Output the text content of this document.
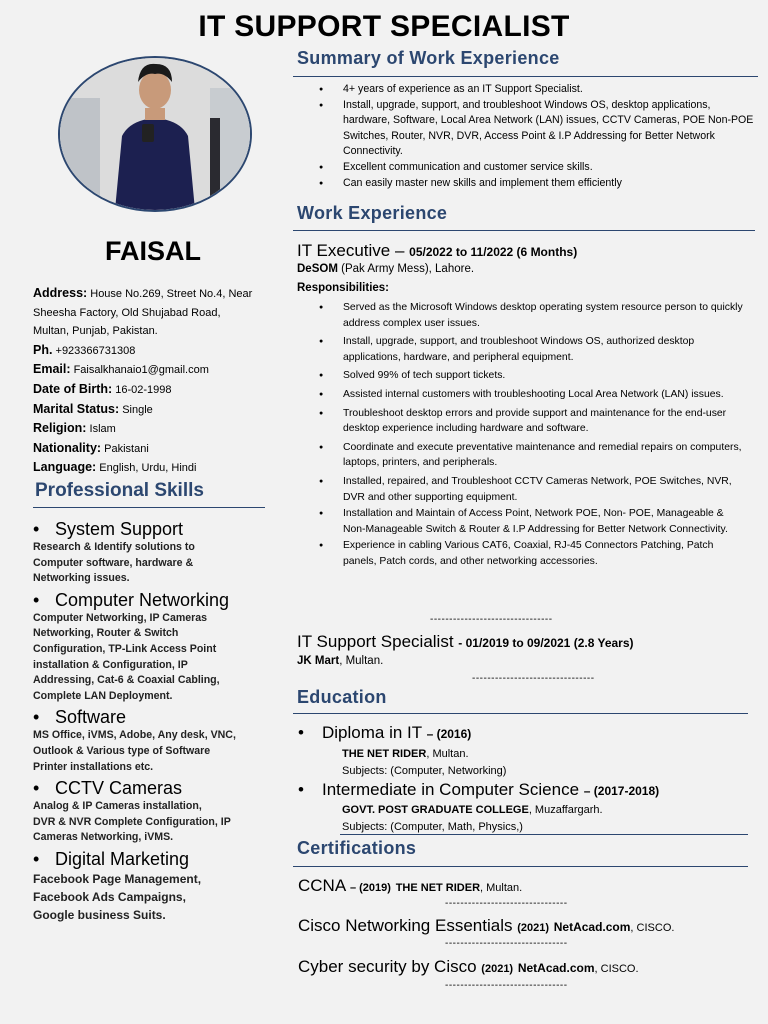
IT SUPPORT SPECIALIST
FAISAL
Address: House No.269, Street No.4, Near
Sheesha Factory, Old Shujabad Road,
Multan, Punjab, Pakistan.
Ph. +923366731308
Email: Faisalkhanaio1@gmail.com
Date of Birth: 16-02-1998
Marital Status: Single
Religion: Islam
Nationality: Pakistani
Language: English, Urdu, Hindi
Professional Skills
• System Support
Research & Identify solutions to
Computer software, hardware &
Networking issues.
• Computer Networking
Computer Networking, IP Cameras
Networking, Router & Switch
Configuration, TP-Link Access Point
installation & Configuration, IP
Addressing, Cat-6 & Coaxial Cabling,
Complete LAN Deployment.
• Software
MS Office, iVMS, Adobe, Any desk, VNC,
Outlook & Various type of Software
Printer installations etc.
• CCTV Cameras
Analog & IP Cameras installation,
DVR & NVR Complete Configuration, IP
Cameras Networking, iVMS.
• Digital Marketing
Facebook Page Management,
Facebook Ads Campaigns,
Google business Suits.
Summary of Work Experience
● 4+ years of experience as an IT Support Specialist.
● Install, upgrade, support, and troubleshoot Windows OS, desktop applications, hardware, Software, Local Area Network (LAN) issues, CCTV Cameras, POE Non-POE Switches, Router, NVR, DVR, Access Point & I.P Addressing for Better Network Connectivity.
● Excellent communication and customer service skills.
● Can easily master new skills and implement them efficiently
Work Experience
IT Executive – 05/2022 to 11/2022 (6 Months)
DeSOM (Pak Army Mess), Lahore.
Responsibilities:
● Served as the Microsoft Windows desktop operating system resource person to quickly address complex user issues.
● Install, upgrade, support, and troubleshoot Windows OS, authorized desktop applications, hardware, and peripheral equipment.
● Solved 99% of tech support tickets.
● Assisted internal customers with troubleshooting Local Area Network (LAN) issues.
● Troubleshoot desktop errors and provide support and maintenance for the end-user desktop experience including hardware and software.
● Coordinate and execute preventative maintenance and remedial repairs on computers, laptops, printers, and peripherals.
● Installed, repaired, and Troubleshoot CCTV Cameras Network, POE Switches, NVR, DVR and other supporting equipment.
● Installation and Maintain of Access Point, Network POE, Non- POE, Manageable & Non-Manageable Switch & Router & I.P Addressing for Better Network Connectivity.
● Experience in cabling Various CAT6, Coaxial, RJ-45 Connectors Patching, Patch panels, Patch cords, and other networking accessories.
--------------------------------
IT Support Specialist - 01/2019 to 09/2021 (2.8 Years)
JK Mart, Multan.
--------------------------------
Education
• Diploma in IT – (2016)
THE NET RIDER, Multan.
Subjects: (Computer, Networking)
• Intermediate in Computer Science – (2017-2018)
GOVT. POST GRADUATE COLLEGE, Muzaffargarh.
Subjects: (Computer, Math, Physics,)
Certifications
CCNA – (2019) THE NET RIDER, Multan.
--------------------------------
Cisco Networking Essentials (2021) NetAcad.com, CISCO.
--------------------------------
Cyber security by Cisco (2021) NetAcad.com, CISCO.
--------------------------------
